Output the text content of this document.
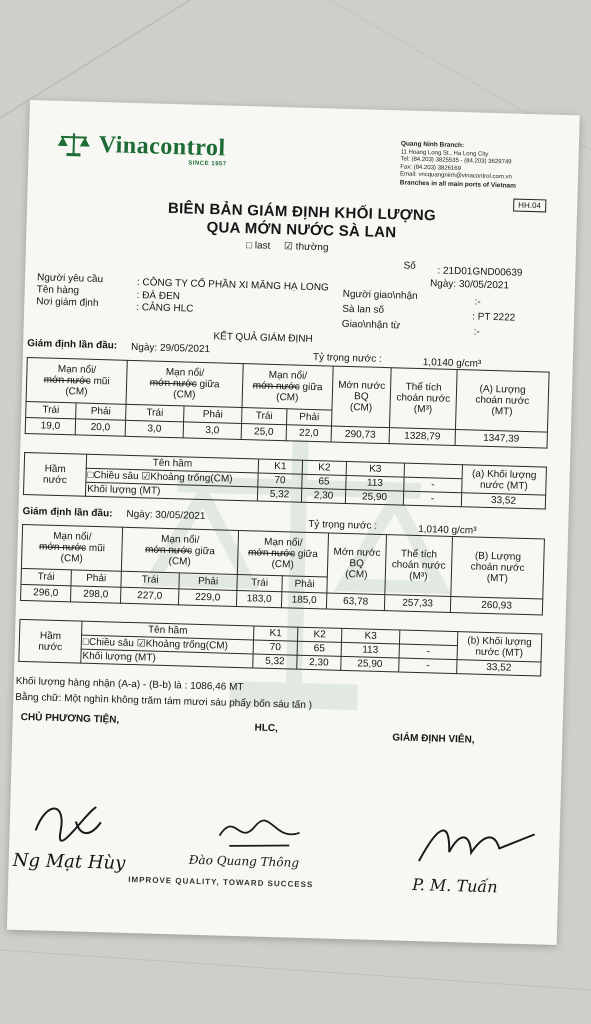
Vinacontrol
SINCE 1957
Quang Ninh Branch:
11 Hoang Long St., Ha Long City
Tel: (84.203) 3825535 - (84.203) 3629749
Fax: (84.203) 3826169
Email: vncquangninh@vinacontrol.com.vn
Branches in all main ports of Vietnam
HH.04
BIÊN BẢN GIÁM ĐỊNH KHỐI LƯỢNG
QUA MỚN NƯỚC SÀ LAN
□ last ☑ thường
Số : 21D01GND00639
Ngày: 30/05/2021
Người yêu cầu	: CÔNG TY CỔ PHẦN XI MĂNG HẠ LONG
Người giao\nhận
:-
Tên hàng	: ĐÁ ĐEN
Sà lan số
: PT 2222
Nơi giám định	: CẢNG HLC
Giao\nhận từ
:-
KẾT QUẢ GIÁM ĐỊNH
Giám định lần đầu: Ngày: 29/05/2021
Tỷ trọng nước :	1,0140 g/cm³
Mạn nổi/
mớn nước mũi
(CM)		Mạn nổi/
mớn nước giữa
(CM)		Mạn nổi/
mớn nước giữa
(CM)		Mớn nước
BQ
(CM)	Thể tích
choán nước
(M³)	(A) Lượng
choán nước
(MT)
Trái	Phải	Trái	Phải	Trái	Phải			
19,0	20,0	3,0	3,0	25,0	22,0	290,73	1328,79	1347,39
Hầm
nước	Tên hầm	K1	K2	K3		(a) Khối lượng
nước (MT)
	□Chiều sâu ☑Khoảng trống(CM)	70	65	113	-	
	Khối lượng (MT)	5,32	2,30	25,90	-	33,52
Giám định lần đầu: Ngày: 30/05/2021
Tỷ trọng nước :	1,0140 g/cm³
Mạn nổi/
mớn nước mũi
(CM)		Mạn nổi/
mớn nước giữa
(CM)		Mạn nổi/
mớn nước giữa
(CM)		Mớn nước
BQ
(CM)	Thể tích
choán nước
(M³)	(B) Lượng
choán nước
(MT)
Trái	Phải	Trái	Phải	Trái	Phải			
296,0	298,0	227,0	229,0	183,0	185,0	63,78	257,33	260,93
Hầm
nước	Tên hầm	K1	K2	K3		(b) Khối lượng
nước (MT)
	□Chiều sâu ☑Khoảng trống(CM)	70	65	113	-	
	Khối lượng (MT)	5,32	2,30	25,90	-	33,52
Khối lượng hàng nhận (A-a) - (B-b) là : 1086,46 MT
Bằng chữ: Một nghìn không trăm tám mươi sáu phẩy bốn sáu tấn )
CHỦ PHƯƠNG TIỆN,
HLC,
GIÁM ĐỊNH VIÊN,
Ng Mạt Hùy	Đào Quang Thông
P. M. Tuấn
IMPROVE QUALITY, TOWARD SUCCESS
